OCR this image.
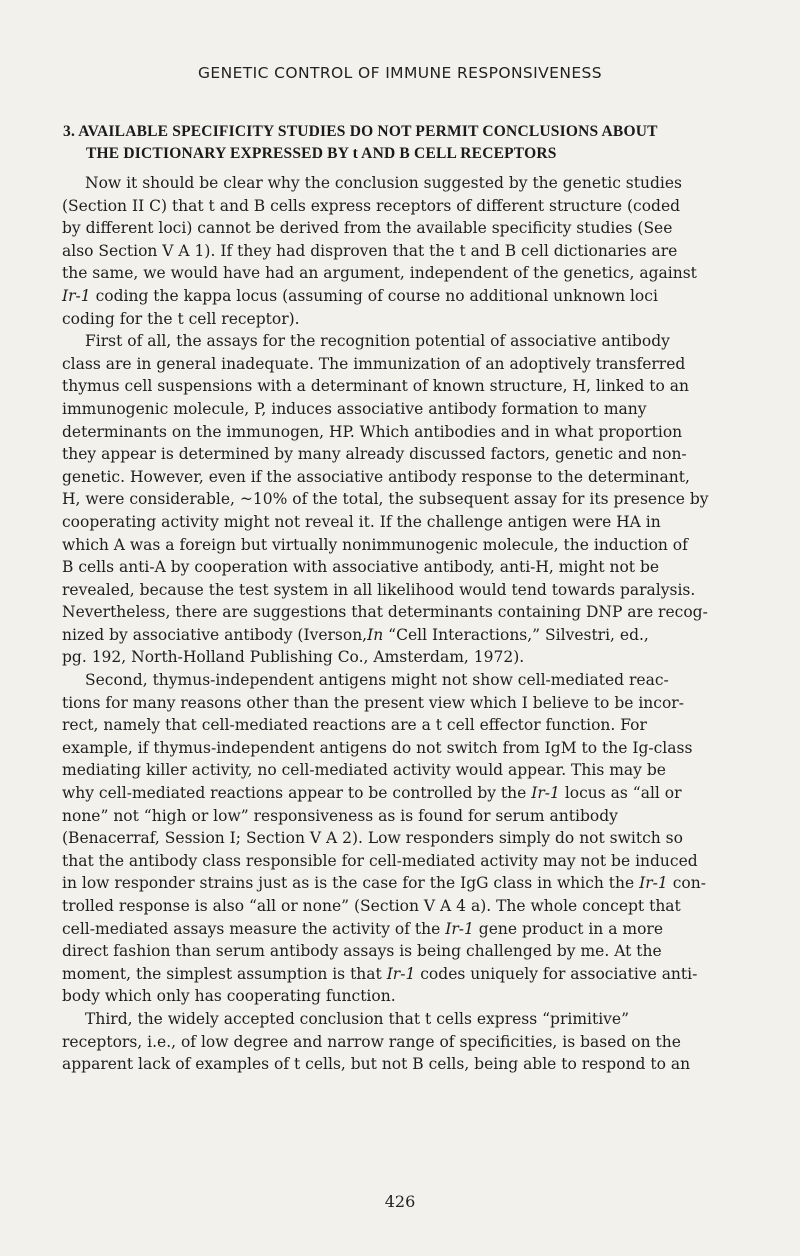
GENETIC CONTROL OF IMMUNE RESPONSIVENESS
3. AVAILABLE SPECIFICITY STUDIES DO NOT PERMIT CONCLUSIONS ABOUT
THE DICTIONARY EXPRESSED BY t AND B CELL RECEPTORS
Now it should be clear why the conclusion suggested by the genetic studies
(Section II C) that t and B cells express receptors of different structure (coded
by different loci) cannot be derived from the available specificity studies (See
also Section V A 1). If they had disproven that the t and B cell dictionaries are
the same, we would have had an argument, independent of the genetics, against
Ir-1 coding the kappa locus (assuming of course no additional unknown loci
coding for the t cell receptor).
First of all, the assays for the recognition potential of associative antibody
class are in general inadequate. The immunization of an adoptively transferred
thymus cell suspensions with a determinant of known structure, H, linked to an
immunogenic molecule, P, induces associative antibody formation to many
determinants on the immunogen, HP. Which antibodies and in what proportion
they appear is determined by many already discussed factors, genetic and non-
genetic. However, even if the associative antibody response to the determinant,
H, were considerable, ~10% of the total, the subsequent assay for its presence by
cooperating activity might not reveal it. If the challenge antigen were HA in
which A was a foreign but virtually nonimmunogenic molecule, the induction of
B cells anti-A by cooperation with associative antibody, anti-H, might not be
revealed, because the test system in all likelihood would tend towards paralysis.
Nevertheless, there are suggestions that determinants containing DNP are recog-
nized by associative antibody (Iverson,In “Cell Interactions,” Silvestri, ed.,
pg. 192, North-Holland Publishing Co., Amsterdam, 1972).
Second, thymus-independent antigens might not show cell-mediated reac-
tions for many reasons other than the present view which I believe to be incor-
rect, namely that cell-mediated reactions are a t cell effector function. For
example, if thymus-independent antigens do not switch from IgM to the Ig-class
mediating killer activity, no cell-mediated activity would appear. This may be
why cell-mediated reactions appear to be controlled by the Ir-1 locus as “all or
none” not “high or low” responsiveness as is found for serum antibody
(Benacerraf, Session I; Section V A 2). Low responders simply do not switch so
that the antibody class responsible for cell-mediated activity may not be induced
in low responder strains just as is the case for the IgG class in which the Ir-1 con-
trolled response is also “all or none” (Section V A 4 a). The whole concept that
cell-mediated assays measure the activity of the Ir-1 gene product in a more
direct fashion than serum antibody assays is being challenged by me. At the
moment, the simplest assumption is that Ir-1 codes uniquely for associative anti-
body which only has cooperating function.
Third, the widely accepted conclusion that t cells express “primitive”
receptors, i.e., of low degree and narrow range of specificities, is based on the
apparent lack of examples of t cells, but not B cells, being able to respond to an
426
